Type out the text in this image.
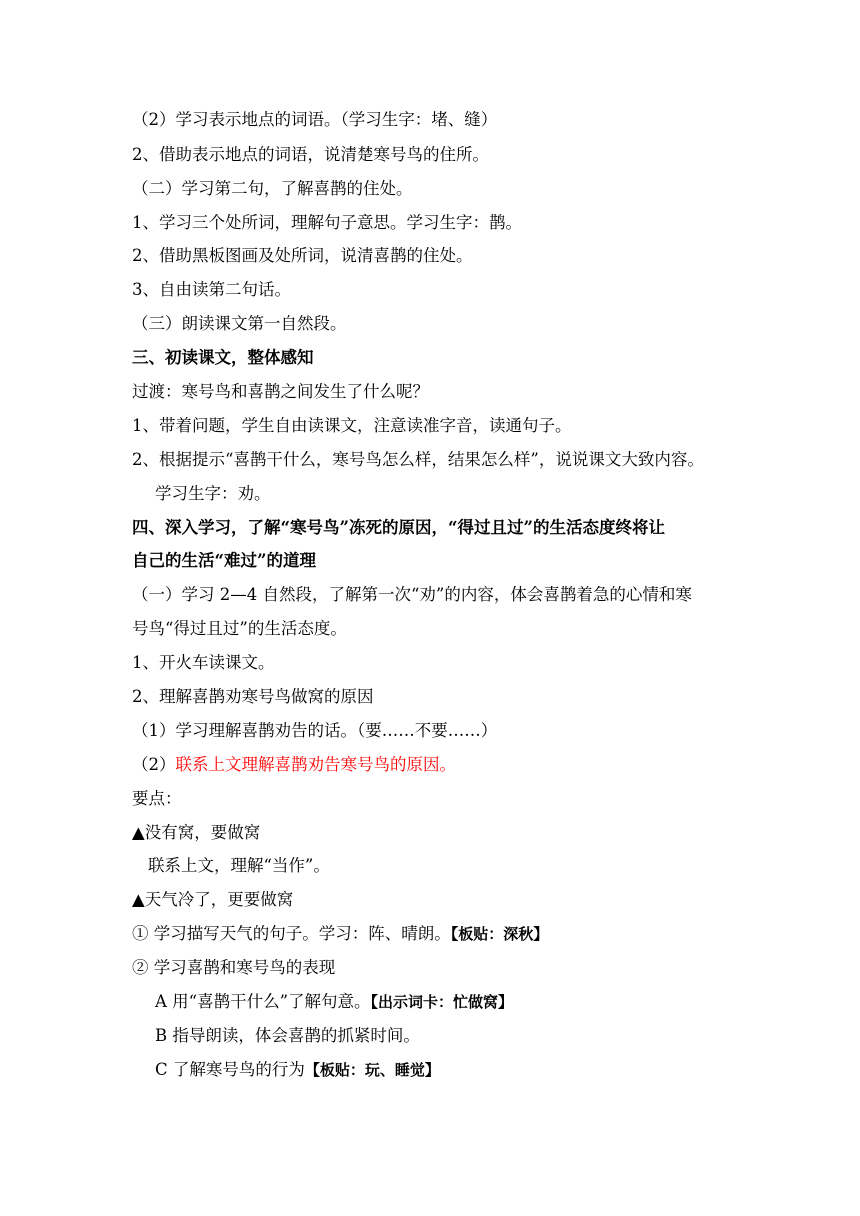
（2）学习表示地点的词语。（学习生字：堵、缝）
2、借助表示地点的词语，说清楚寒号鸟的住所。
（二）学习第二句，了解喜鹊的住处。
1、学习三个处所词，理解句子意思。学习生字：鹊。
2、借助黑板图画及处所词，说清喜鹊的住处。
3、自由读第二句话。
（三）朗读课文第一自然段。
三、初读课文，整体感知
过渡：寒号鸟和喜鹊之间发生了什么呢？
1、带着问题，学生自由读课文，注意读准字音，读通句子。
2、根据提示“喜鹊干什么，寒号鸟怎么样，结果怎么样”，说说课文大致内容。
学习生字：劝。
四、深入学习，了解“寒号鸟”冻死的原因，“得过且过”的生活态度终将让
自己的生活“难过”的道理
（一）学习 2—4 自然段，了解第一次“劝”的内容，体会喜鹊着急的心情和寒
号鸟“得过且过”的生活态度。
1、开火车读课文。
2、理解喜鹊劝寒号鸟做窝的原因
（1）学习理解喜鹊劝告的话。（要……不要……）
（2）联系上文理解喜鹊劝告寒号鸟的原因。
要点：
▲没有窝，要做窝
联系上文，理解“当作”。
▲天气冷了，更要做窝
① 学习描写天气的句子。学习：阵、晴朗。【板贴：深秋】
② 学习喜鹊和寒号鸟的表现
A 用“喜鹊干什么”了解句意。【出示词卡：忙做窝】
B 指导朗读，体会喜鹊的抓紧时间。
C 了解寒号鸟的行为【板贴：玩、睡觉】
